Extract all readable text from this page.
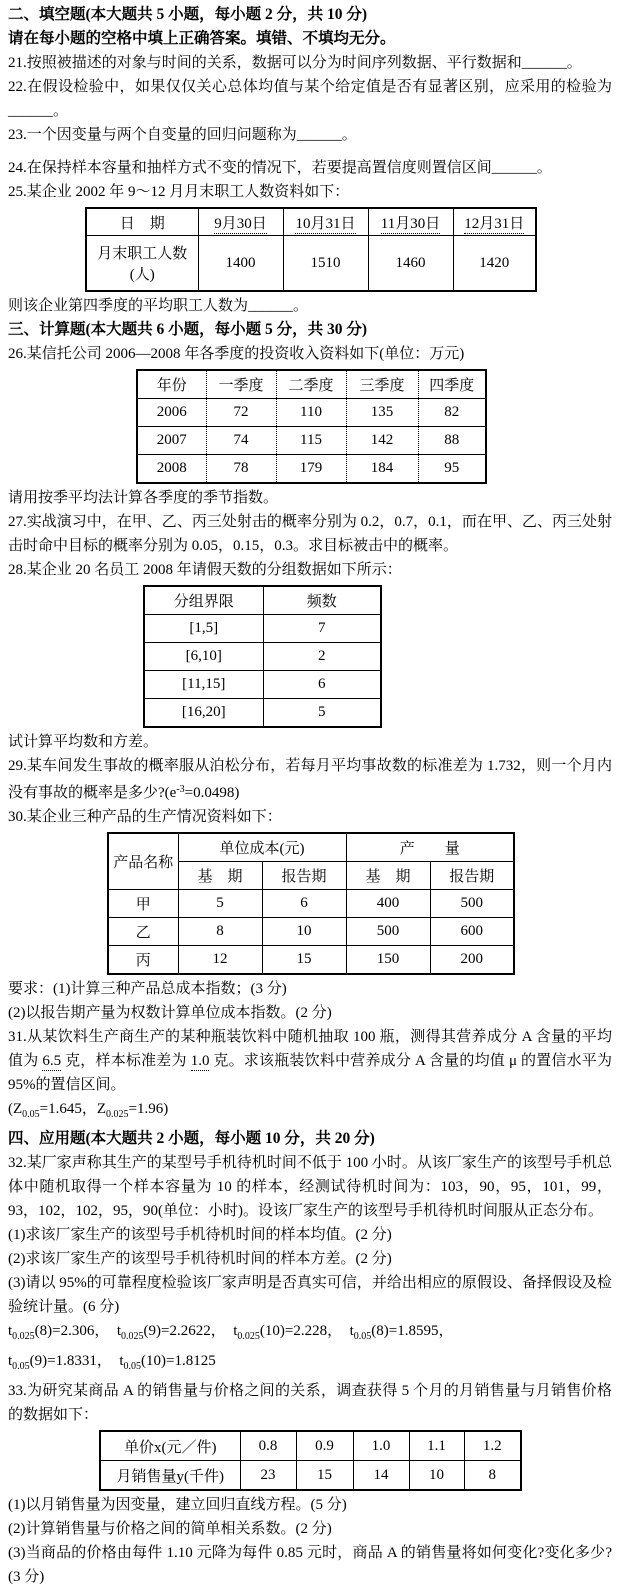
二、填空题(本大题共 5 小题，每小题 2 分，共 10 分)

请在每小题的空格中填上正确答案。填错、不填均无分。

21.按照被描述的对象与时间的关系，数据可以分为时间序列数据、平行数据和______。

22.在假设检验中，如果仅仅关心总体均值与某个给定值是否有显著区别，应采用的检验为______。

23.一个因变量与两个自变量的回归问题称为______。

24.在保持样本容量和抽样方式不变的情况下，若要提高置信度则置信区间______。

25.某企业 2002 年 9～12 月月末职工人数资料如下：

日　期	9月30日	10月31日	11月30日	12月31日

月末职工人数
(人)	1400	1510	1460	1420

则该企业第四季度的平均职工人数为______。

三、计算题(本大题共 6 小题，每小题 5 分，共 30 分)

26.某信托公司 2006—2008 年各季度的投资收入资料如下(单位：万元)

年份	一季度	二季度	三季度	四季度
2006	72	110	135	82
2007	74	115	142	88
2008	78	179	184	95

请用按季平均法计算各季度的季节指数。

27.实战演习中，在甲、乙、丙三处射击的概率分别为 0.2，0.7，0.1，而在甲、乙、丙三处射击时命中目标的概率分别为 0.05，0.15，0.3。求目标被击中的概率。

28.某企业 20 名员工 2008 年请假天数的分组数据如下所示：

分组界限	频数
[1,5]	7
[6,10]	2
[11,15]	6
[16,20]	5

试计算平均数和方差。

29.某车间发生事故的概率服从泊松分布，若每月平均事故数的标准差为 1.732，则一个月内没有事故的概率是多少$?(e^{-3}=0.0498)$

30.某企业三种产品的生产情况资料如下：

产品名称	单位成本(元)		产　　量	
	基　期	报告期	基　期	报告期
甲	5	6	400	500
乙	8	10	500	600
丙	12	15	150	200

要求：(1)计算三种产品总成本指数；(3 分)

(2)以报告期产量为权数计算单位成本指数。(2 分)

31.从某饮料生产商生产的某种瓶装饮料中随机抽取 100 瓶，测得其营养成分 A 含量的平均值为 6.5 克，样本标准差为 1.0 克。求该瓶装饮料中营养成分 A 含量的均值 μ 的置信水平为 95%的置信区间。

($Z_{0.05}=1.645$，$Z_{0.025}=1.96$)

四、应用题(本大题共 2 小题，每小题 10 分，共 20 分)

32.某厂家声称其生产的某型号手机待机时间不低于 100 小时。从该厂家生产的该型号手机总体中随机取得一个样本容量为 10 的样本，经测试待机时间为：103，90，95，101，99，93，102，102，95，90(单位：小时)。设该厂家生产的该型号手机待机时间服从正态分布。

(1)求该厂家生产的该型号手机待机时间的样本均值。(2 分)

(2)求该厂家生产的该型号手机待机时间的样本方差。(2 分)

(3)请以 95%的可靠程度检验该厂家声明是否真实可信，并给出相应的原假设、备择假设及检验统计量。(6 分)

$t_{0.025}(8)=2.306$，  $t_{0.025}(9)=2.2622$，  $t_{0.025}(10)=2.228$，  $t_{0.05}(8)=1.8595$，

$t_{0.05}(9)=1.8331$，  $t_{0.05}(10)=1.8125$

33.为研究某商品 A 的销售量与价格之间的关系，调查获得 5 个月的月销售量与月销售价格的数据如下：

单价x(元／件)	0.8	0.9	1.0	1.1	1.2
月销售量y(千件)	23	15	14	10	8

(1)以月销售量为因变量，建立回归直线方程。(5 分)

(2)计算销售量与价格之间的简单相关系数。(2 分)

(3)当商品的价格由每件 1.10 元降为每件 0.85 元时，商品 A 的销售量将如何变化?变化多少?(3 分)
